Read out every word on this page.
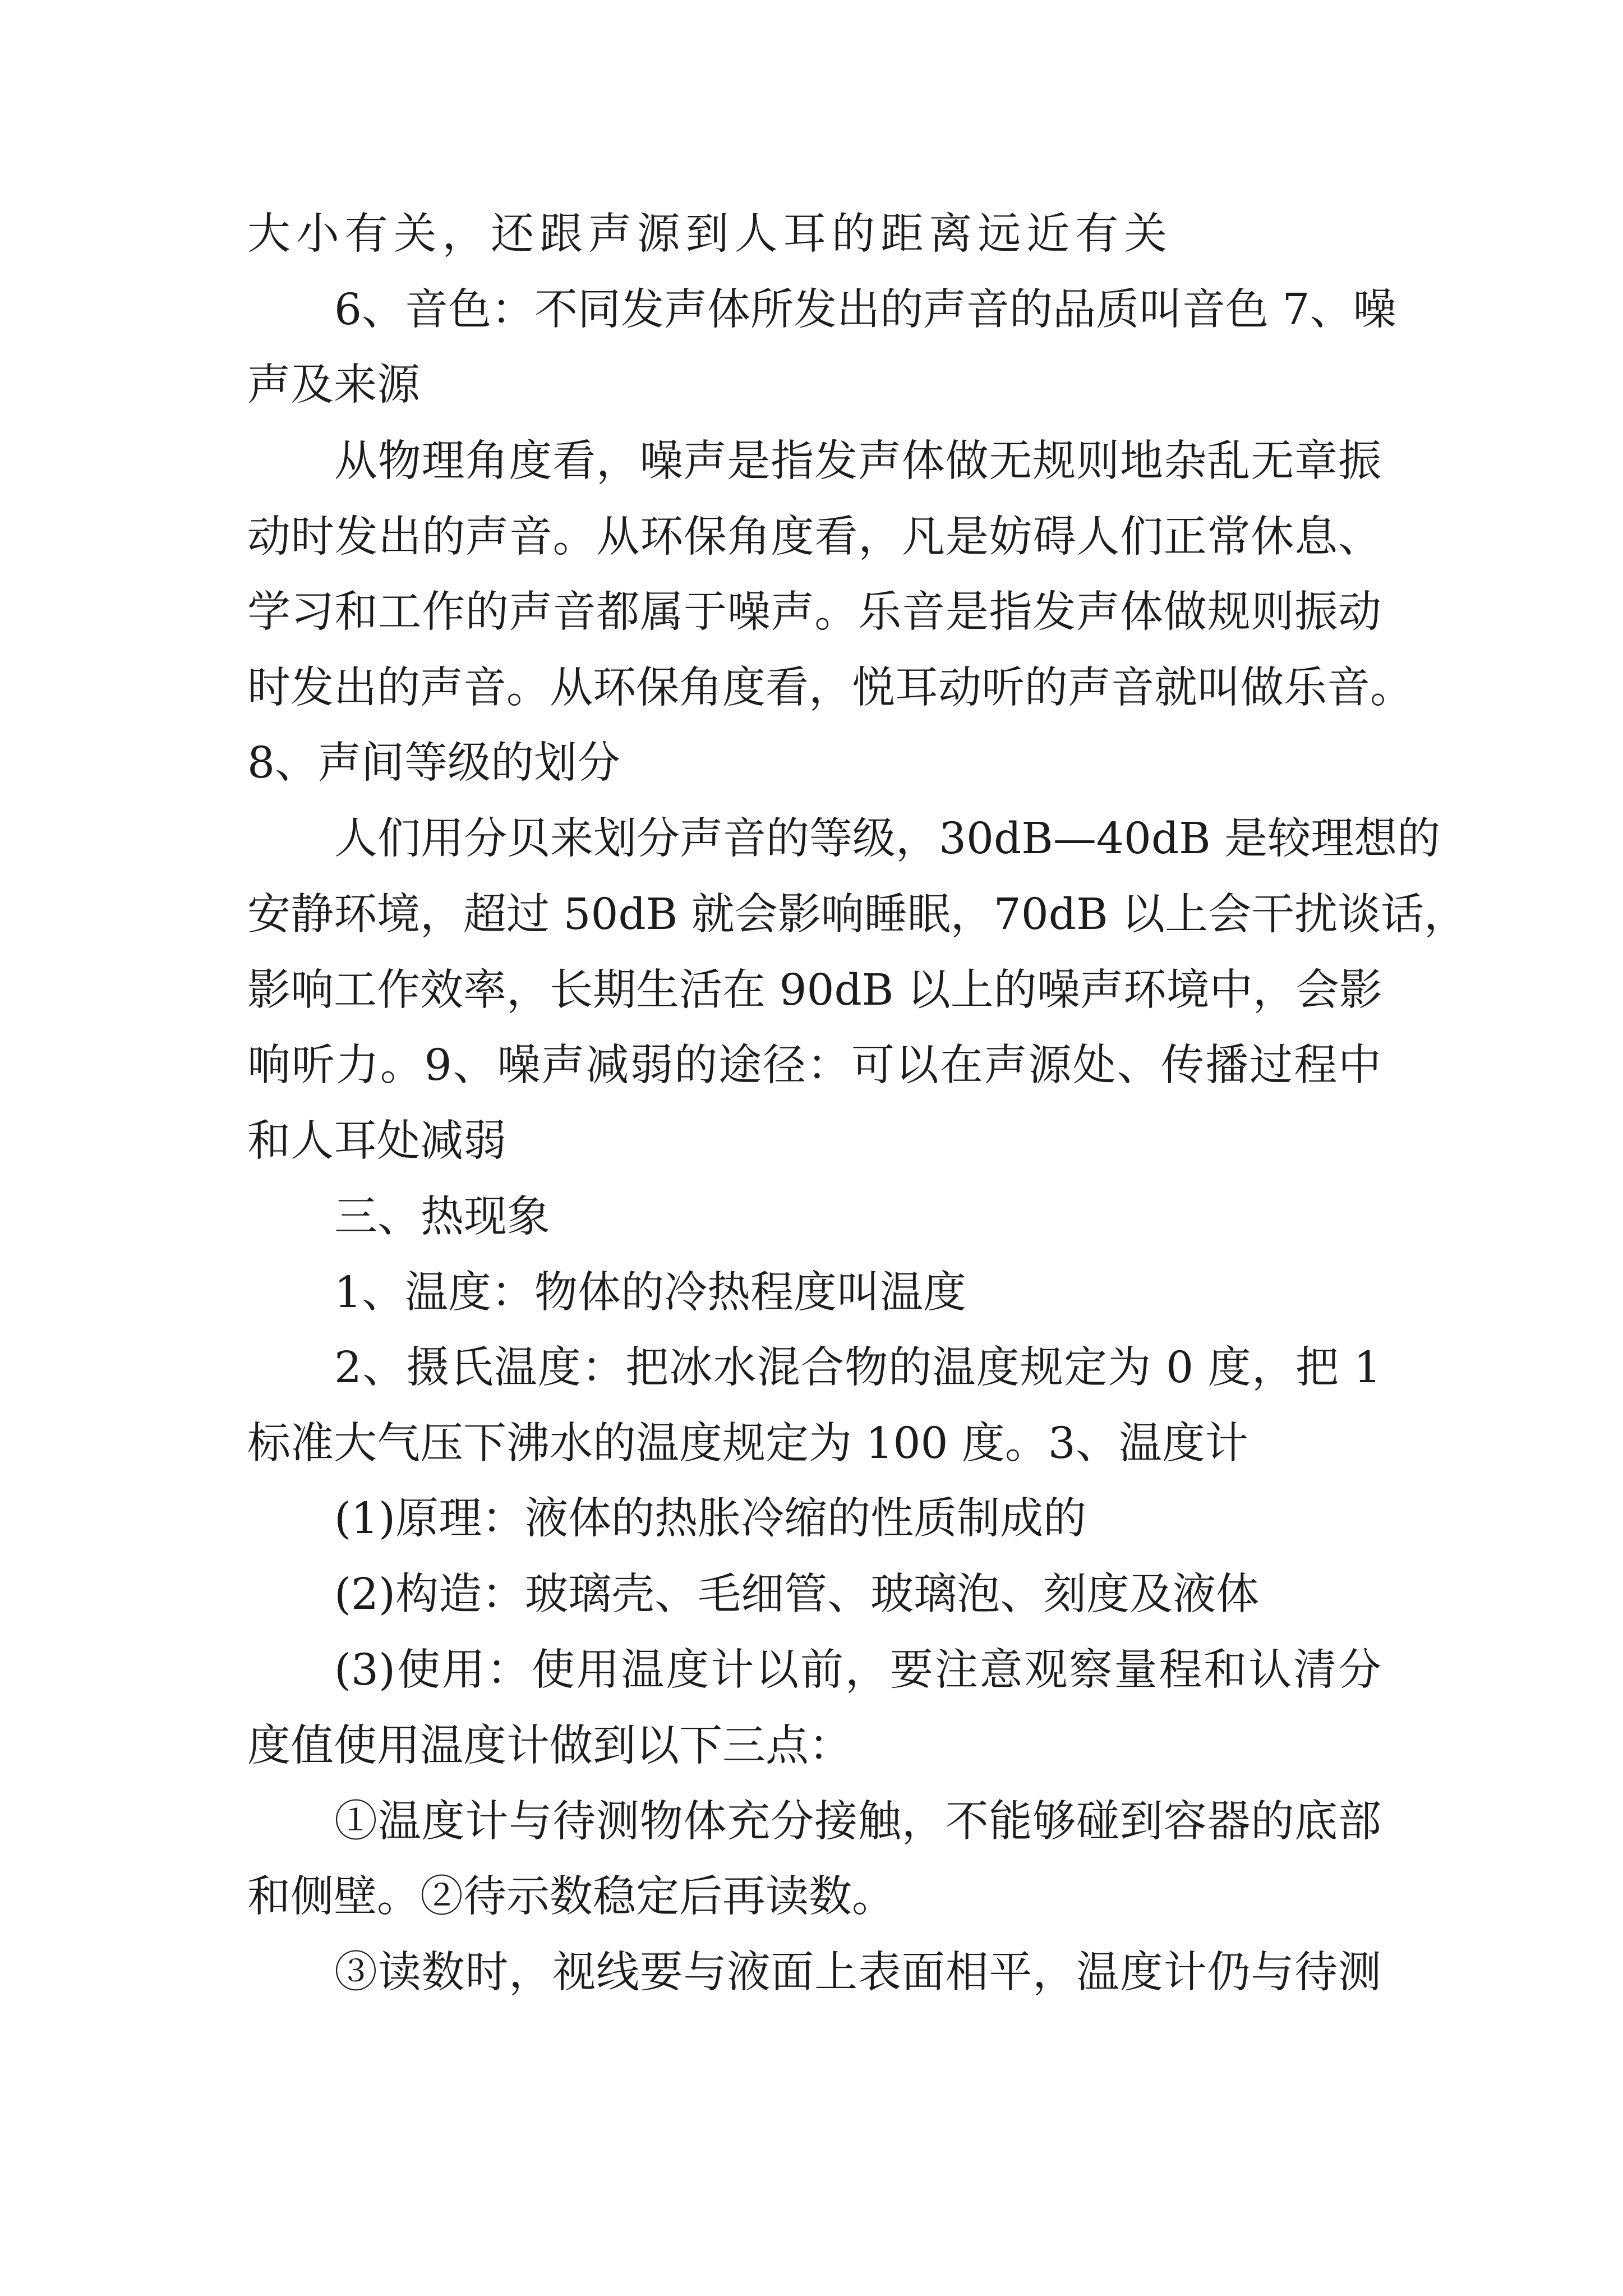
大小有关，还跟声源到人耳的距离远近有关
6、音色：不同发声体所发出的声音的品质叫音色 7、噪
声及来源
从物理角度看，噪声是指发声体做无规则地杂乱无章振
动时发出的声音。从环保角度看，凡是妨碍人们正常休息、
学习和工作的声音都属于噪声。乐音是指发声体做规则振动
时发出的声音。从环保角度看，悦耳动听的声音就叫做乐音。
8、声间等级的划分
人们用分贝来划分声音的等级，30dB—40dB 是较理想的
安静环境，超过 50dB 就会影响睡眠，70dB 以上会干扰谈话，
影响工作效率，长期生活在 90dB 以上的噪声环境中，会影
响听力。9、噪声减弱的途径：可以在声源处、传播过程中
和人耳处减弱
三、热现象
1、温度：物体的冷热程度叫温度
2、摄氏温度：把冰水混合物的温度规定为 0 度，把 1
标准大气压下沸水的温度规定为 100 度。3、温度计
(1)原理：液体的热胀冷缩的性质制成的
(2)构造：玻璃壳、毛细管、玻璃泡、刻度及液体
(3)使用：使用温度计以前，要注意观察量程和认清分
度值使用温度计做到以下三点：
①温度计与待测物体充分接触，不能够碰到容器的底部
和侧壁。②待示数稳定后再读数。
③读数时，视线要与液面上表面相平，温度计仍与待测
